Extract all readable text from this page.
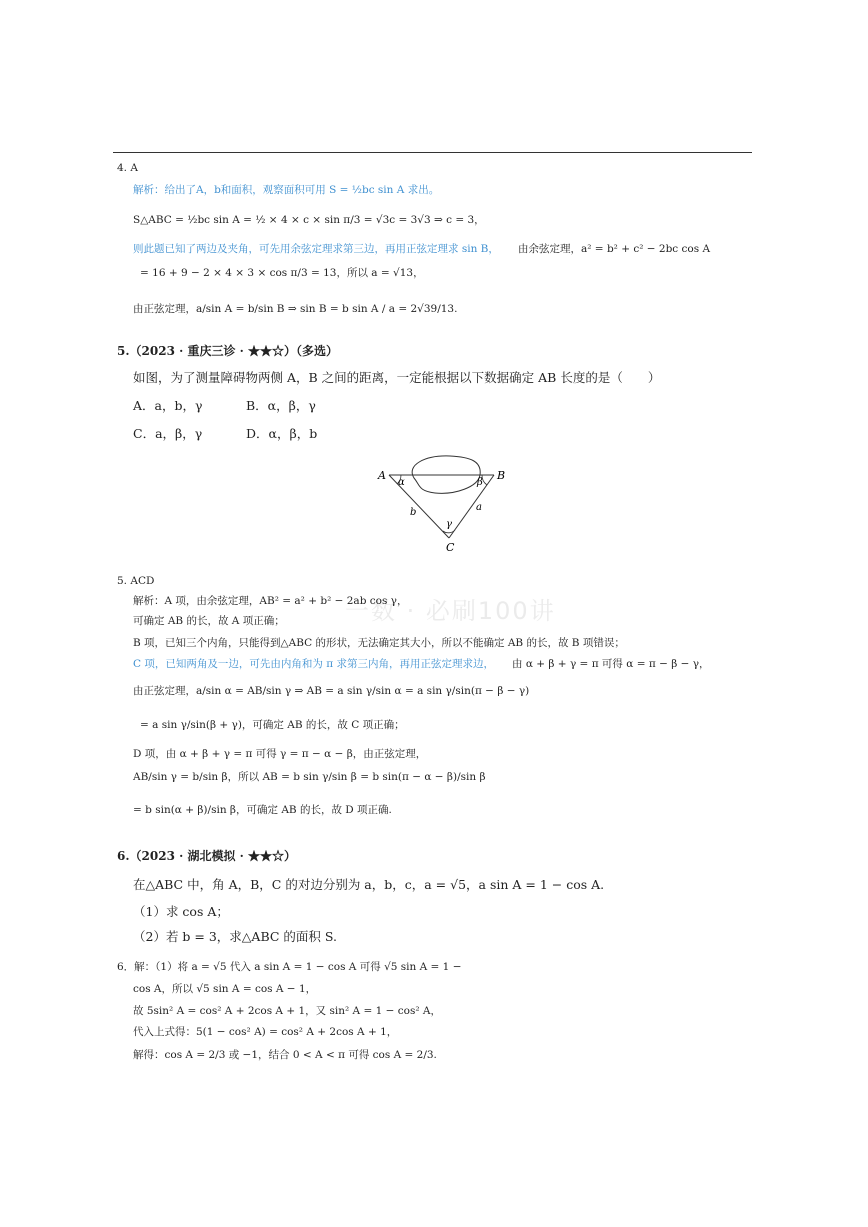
一数 · 必刷100讲
4. A
解析：给出了A，b和面积，观察面积可用 S = ½bc sin A 求出。
S△ABC = ½bc sin A = ½ × 4 × c × sin π/3 = √3c = 3√3 ⇒ c = 3，
则此题已知了两边及夹角，可先用余弦定理求第三边，再用正弦定理求 sin B， 由余弦定理，a² = b² + c² − 2bc cos A
= 16 + 9 − 2 × 4 × 3 × cos π/3 = 13，所以 a = √13，
由正弦定理，a/sin A = b/sin B ⇒ sin B = b sin A / a = 2√39/13.
5.（2023 · 重庆三诊 · ★★☆）（多选）
如图，为了测量障碍物两侧 A，B 之间的距离，一定能根据以下数据确定 AB 长度的是（　　）
A．a，b，γ	B．α，β，γ
C．a，β，γ	D．α，β，b
A	B
C
α	β
γ
b	a
5. ACD
解析：A 项，由余弦定理，AB² = a² + b² − 2ab cos γ，
可确定 AB 的长，故 A 项正确；
B 项，已知三个内角，只能得到△ABC 的形状，无法确定其大小，所以不能确定 AB 的长，故 B 项错误；
C 项，已知两角及一边，可先由内角和为 π 求第三内角，再用正弦定理求边， 由 α + β + γ = π 可得 α = π − β − γ，
由正弦定理，a/sin α = AB/sin γ ⇒ AB = a sin γ/sin α = a sin γ/sin(π − β − γ)
= a sin γ/sin(β + γ)，可确定 AB 的长，故 C 项正确；
D 项，由 α + β + γ = π 可得 γ = π − α − β，由正弦定理，
AB/sin γ = b/sin β，所以 AB = b sin γ/sin β = b sin(π − α − β)/sin β
= b sin(α + β)/sin β，可确定 AB 的长，故 D 项正确.
6.（2023 · 湖北模拟 · ★★☆）
在△ABC 中，角 A，B，C 的对边分别为 a，b，c，a = √5，a sin A = 1 − cos A.
（1）求 cos A；
（2）若 b = 3，求△ABC 的面积 S.
6．解：（1）将 a = √5 代入 a sin A = 1 − cos A 可得 √5 sin A = 1 −
cos A，所以 √5 sin A = cos A − 1，
故 5sin² A = cos² A + 2cos A + 1，又 sin² A = 1 − cos² A，
代入上式得：5(1 − cos² A) = cos² A + 2cos A + 1，
解得：cos A = 2/3 或 −1，结合 0 < A < π 可得 cos A = 2/3.
